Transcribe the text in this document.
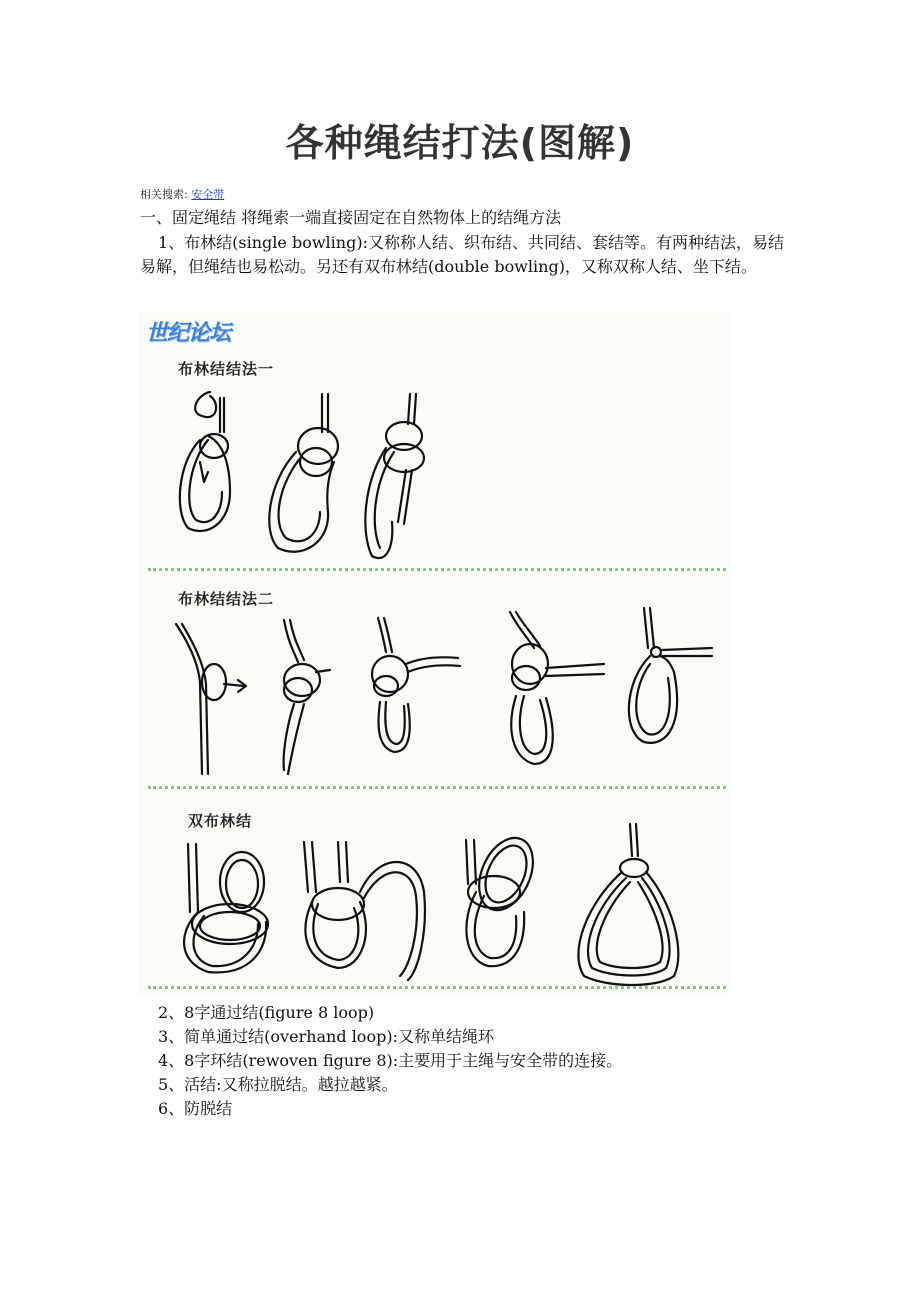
各种绳结打法(图解)
相关搜索: 安全带
一、固定绳结 将绳索一端直接固定在自然物体上的结绳方法
1、布林结(single bowling):又称称人结、织布结、共同结、套结等。有两种结法，易结易解，但绳结也易松动。另还有双布林结(double bowling)，又称双称人结、坐下结。
世纪论坛
布林结结法一
布林结结法二
双布林结
2、8字通过结(figure 8 loop)
3、简单通过结(overhand loop):又称单结绳环
4、8字环结(rewoven figure 8):主要用于主绳与安全带的连接。
5、活结:又称拉脱结。越拉越紧。
6、防脱结
